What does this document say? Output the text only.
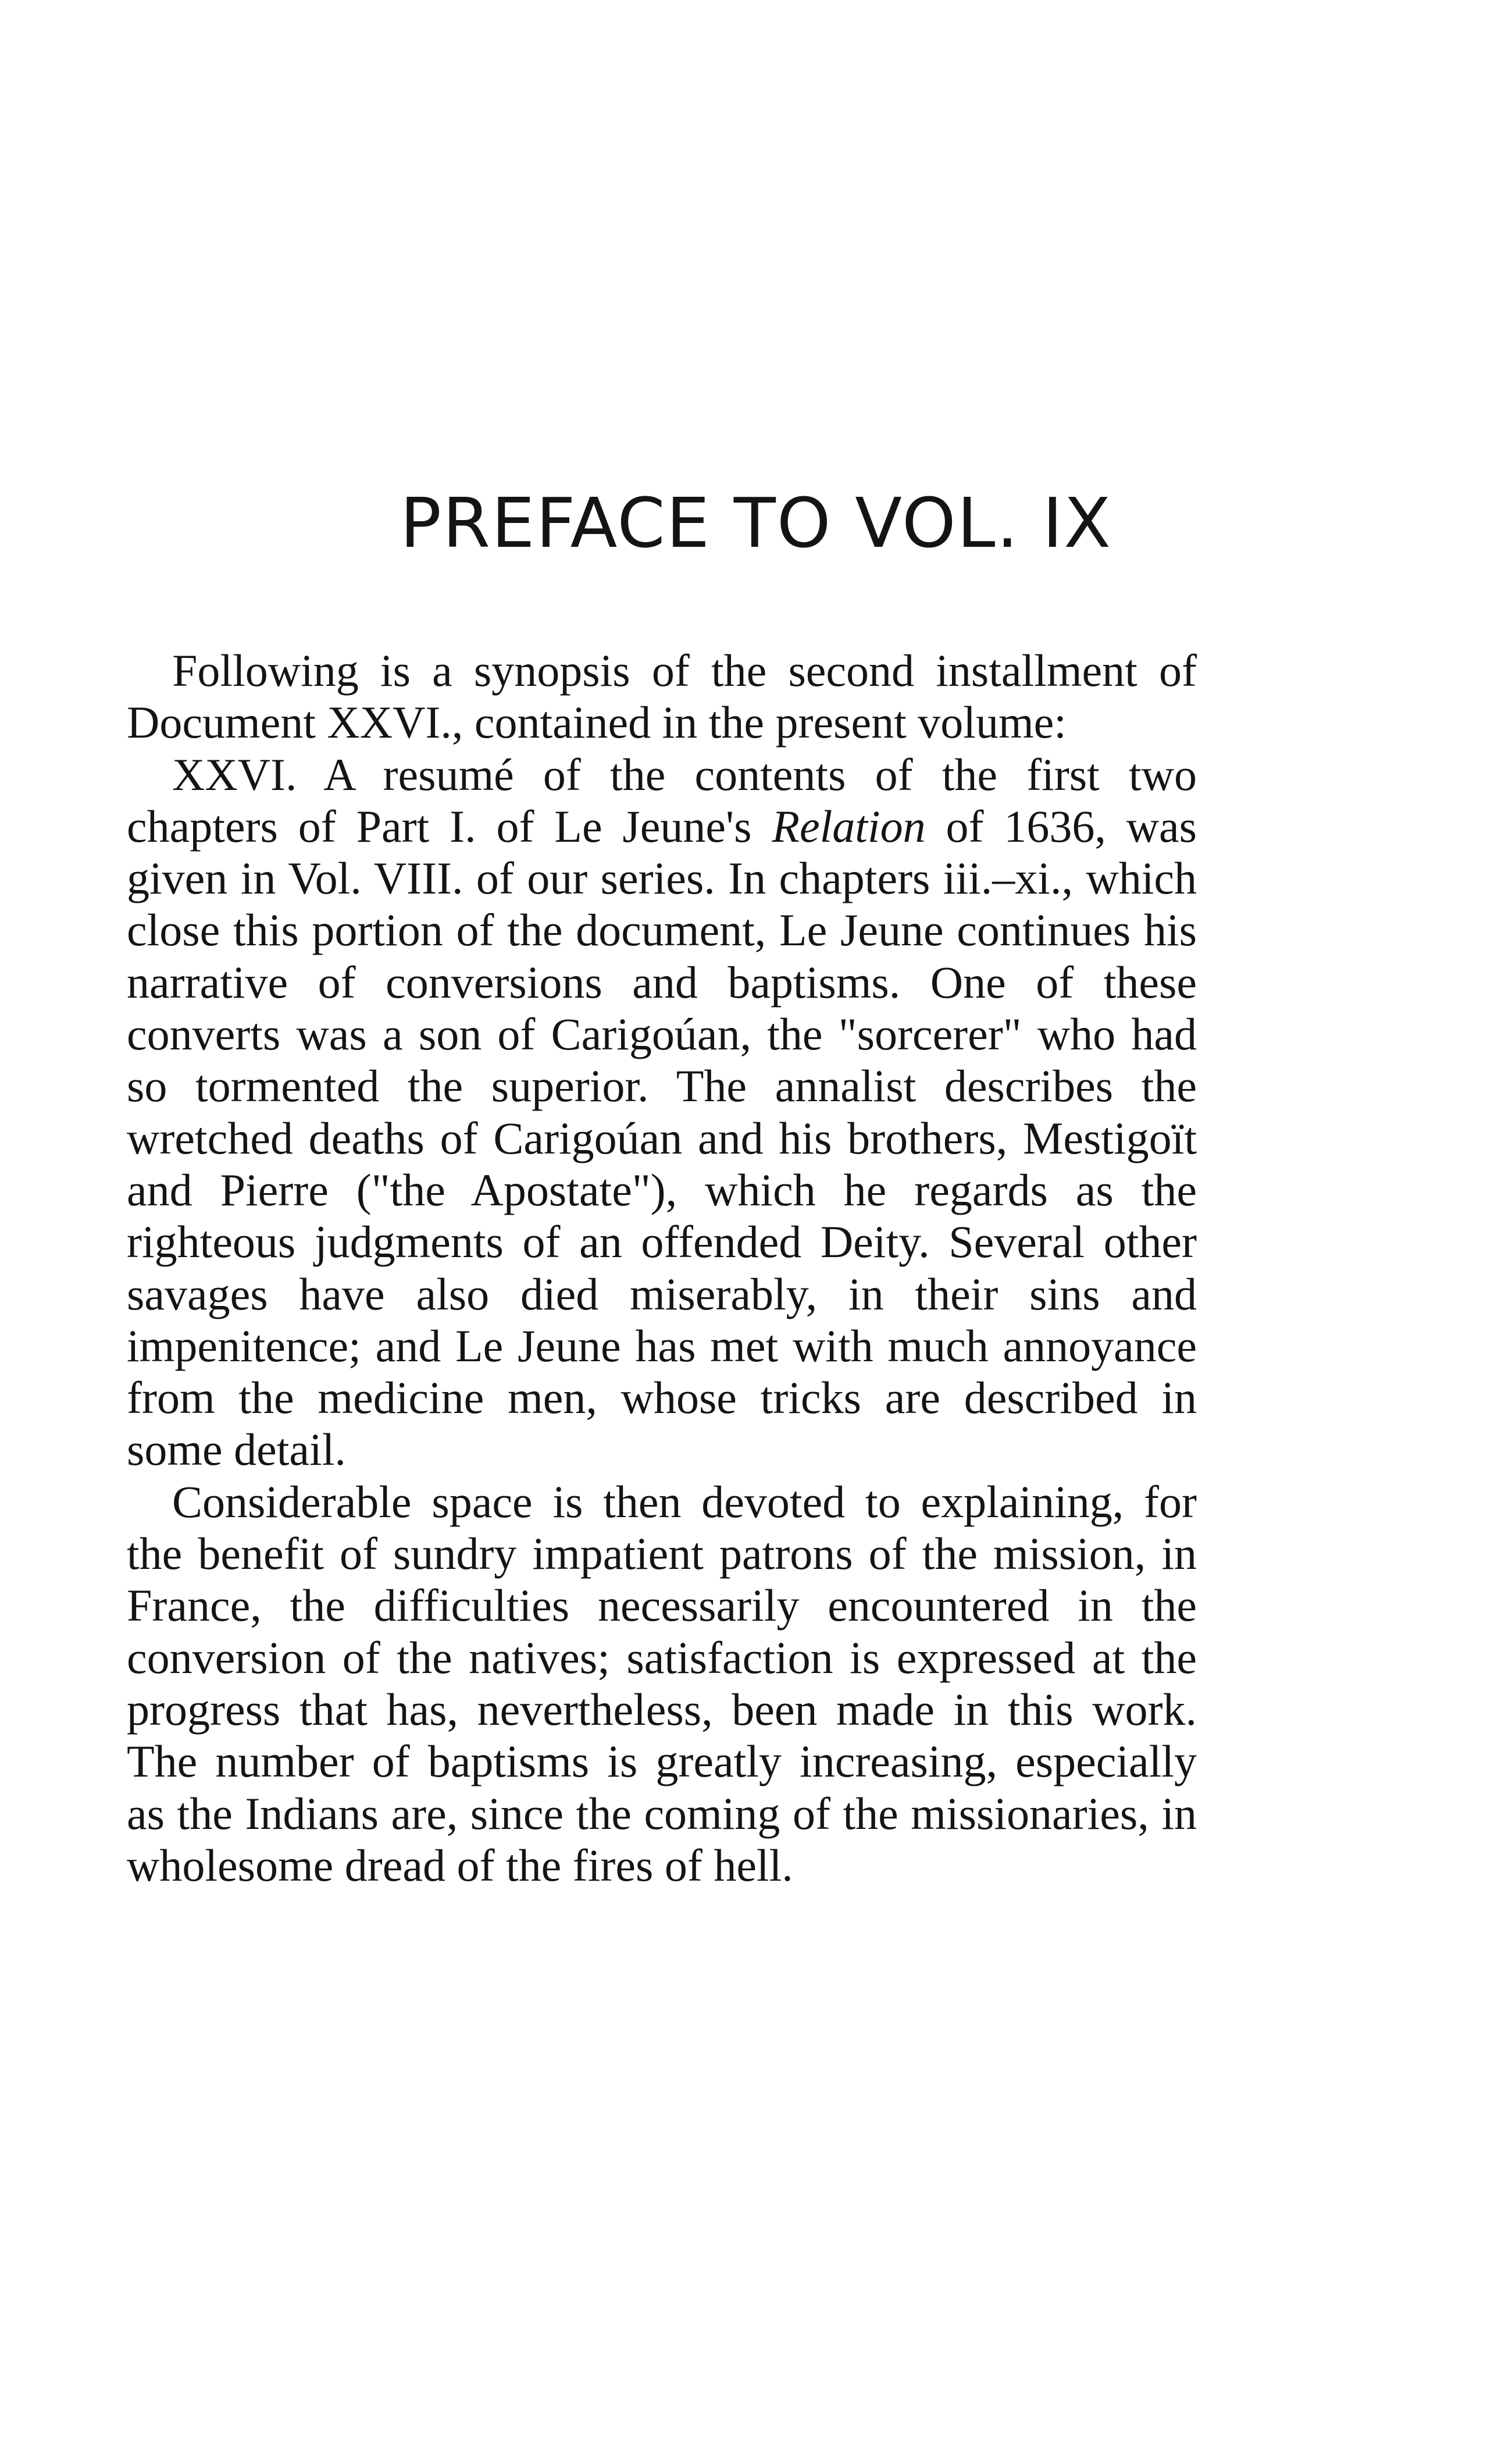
PREFACE TO VOL. IX

Following is a synopsis of the second installment of Document XXVI., contained in the present volume:

XXVI. A resumé of the contents of the first two chapters of Part I. of Le Jeune's Relation of 1636, was given in Vol. VIII. of our series. In chapters iii.–xi., which close this portion of the document, Le Jeune continues his narrative of conversions and baptisms. One of these converts was a son of Carigoúan, the "sorcerer" who had so tormented the superior. The annalist describes the wretched deaths of Carigoúan and his brothers, Mestigoït and Pierre ("the Apostate"), which he regards as the righteous judgments of an offended Deity. Several other savages have also died miserably, in their sins and impenitence; and Le Jeune has met with much annoyance from the medicine men, whose tricks are described in some detail.

Considerable space is then devoted to explaining, for the benefit of sundry impatient patrons of the mission, in France, the difficulties necessarily encountered in the conversion of the natives; satisfaction is expressed at the progress that has, nevertheless, been made in this work. The number of baptisms is greatly increasing, especially as the Indians are, since the coming of the missionaries, in wholesome dread of the fires of hell.
